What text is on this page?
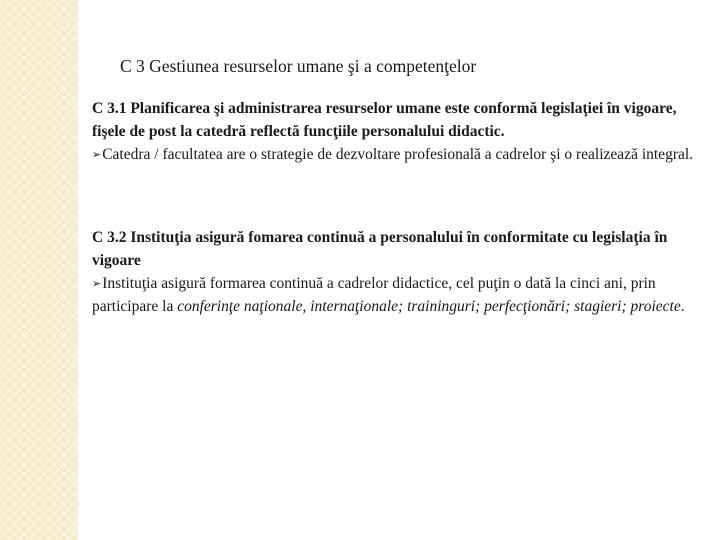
C 3 Gestiunea resurselor umane şi a competenţelor

C 3.1 Planificarea şi administrarea resurselor umane este conformă legislaţiei în vigoare, fişele de post la catedră reflectă funcţiile personalului didactic.

➢Catedra / facultatea are o strategie de dezvoltare profesională a cadrelor şi o realizează integral.

C 3.2 Instituţia asigură fomarea continuă a personalului în conformitate cu legislaţia în vigoare

➢Instituţia asigură formarea continuă a cadrelor didactice, cel puţin o dată la cinci ani, prin participare la conferinţe naţionale, internaţionale; traininguri; perfecţionări; stagieri; proiecte.
